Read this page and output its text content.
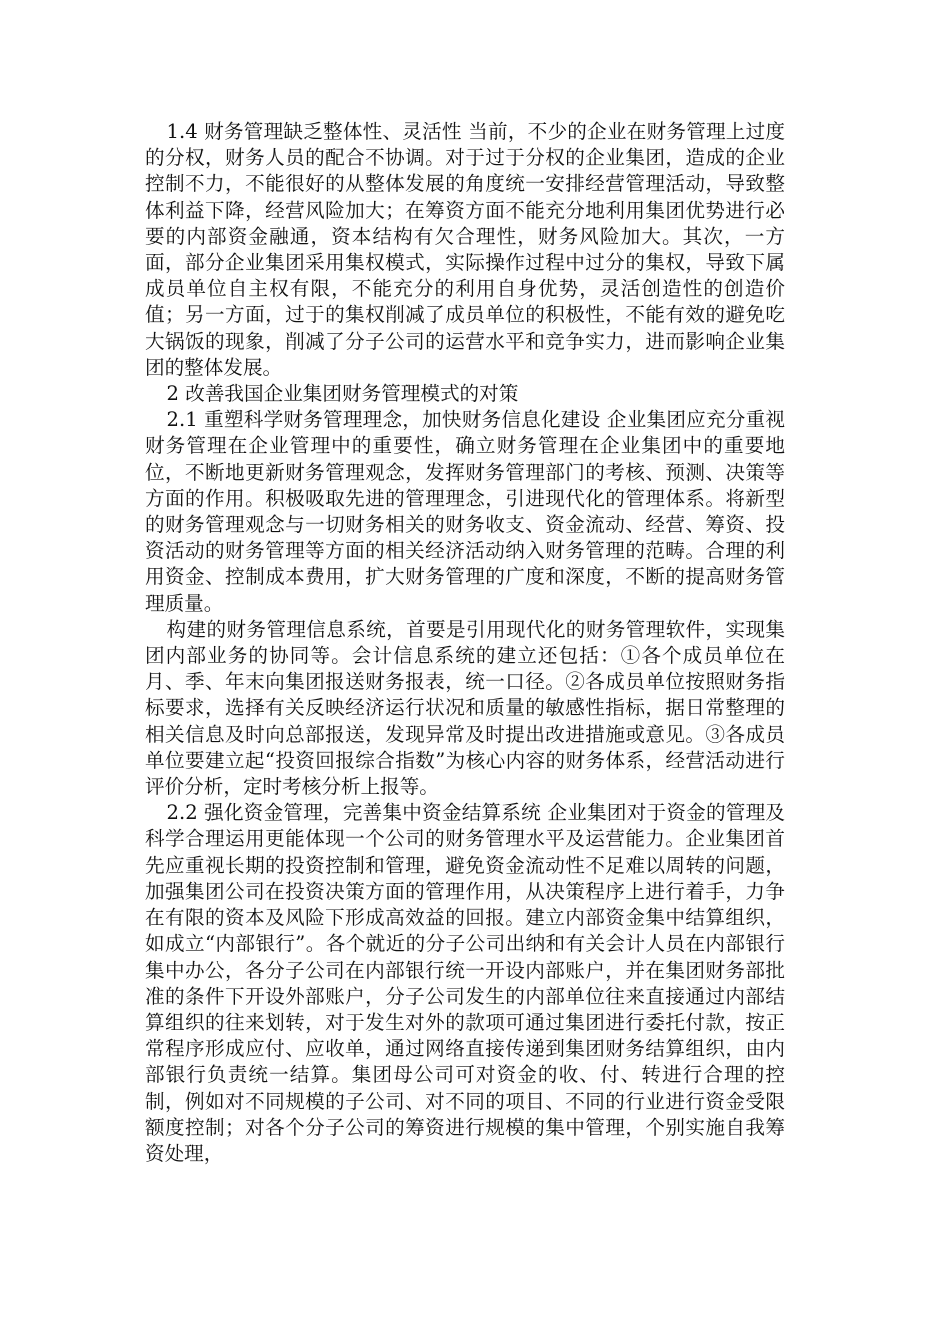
1.4 财务管理缺乏整体性、灵活性 当前，不少的企业在财务管理上过度的分权，财务人员的配合不协调。对于过于分权的企业集团，造成的企业控制不力，不能很好的从整体发展的角度统一安排经营管理活动，导致整体利益下降，经营风险加大；在筹资方面不能充分地利用集团优势进行必要的内部资金融通，资本结构有欠合理性，财务风险加大。其次，一方面，部分企业集团采用集权模式，实际操作过程中过分的集权，导致下属成员单位自主权有限，不能充分的利用自身优势，灵活创造性的创造价值；另一方面，过于的集权削减了成员单位的积极性，不能有效的避免吃大锅饭的现象，削减了分子公司的运营水平和竞争实力，进而影响企业集团的整体发展。

2 改善我国企业集团财务管理模式的对策

2.1 重塑科学财务管理理念，加快财务信息化建设 企业集团应充分重视财务管理在企业管理中的重要性，确立财务管理在企业集团中的重要地位，不断地更新财务管理观念，发挥财务管理部门的考核、预测、决策等方面的作用。积极吸取先进的管理理念，引进现代化的管理体系。将新型的财务管理观念与一切财务相关的财务收支、资金流动、经营、筹资、投资活动的财务管理等方面的相关经济活动纳入财务管理的范畴。合理的利用资金、控制成本费用，扩大财务管理的广度和深度，不断的提高财务管理质量。

构建的财务管理信息系统，首要是引用现代化的财务管理软件，实现集团内部业务的协同等。会计信息系统的建立还包括：①各个成员单位在月、季、年末向集团报送财务报表，统一口径。②各成员单位按照财务指标要求，选择有关反映经济运行状况和质量的敏感性指标，据日常整理的相关信息及时向总部报送，发现异常及时提出改进措施或意见。③各成员单位要建立起“投资回报综合指数”为核心内容的财务体系，经营活动进行评价分析，定时考核分析上报等。

2.2 强化资金管理，完善集中资金结算系统 企业集团对于资金的管理及科学合理运用更能体现一个公司的财务管理水平及运营能力。企业集团首先应重视长期的投资控制和管理，避免资金流动性不足难以周转的问题，加强集团公司在投资决策方面的管理作用，从决策程序上进行着手，力争在有限的资本及风险下形成高效益的回报。建立内部资金集中结算组织，如成立“内部银行”。各个就近的分子公司出纳和有关会计人员在内部银行集中办公，各分子公司在内部银行统一开设内部账户，并在集团财务部批准的条件下开设外部账户，分子公司发生的内部单位往来直接通过内部结算组织的往来划转，对于发生对外的款项可通过集团进行委托付款，按正常程序形成应付、应收单，通过网络直接传递到集团财务结算组织，由内部银行负责统一结算。集团母公司可对资金的收、付、转进行合理的控制，例如对不同规模的子公司、对不同的项目、不同的行业进行资金受限额度控制；对各个分子公司的筹资进行规模的集中管理，个别实施自我筹资处理，
